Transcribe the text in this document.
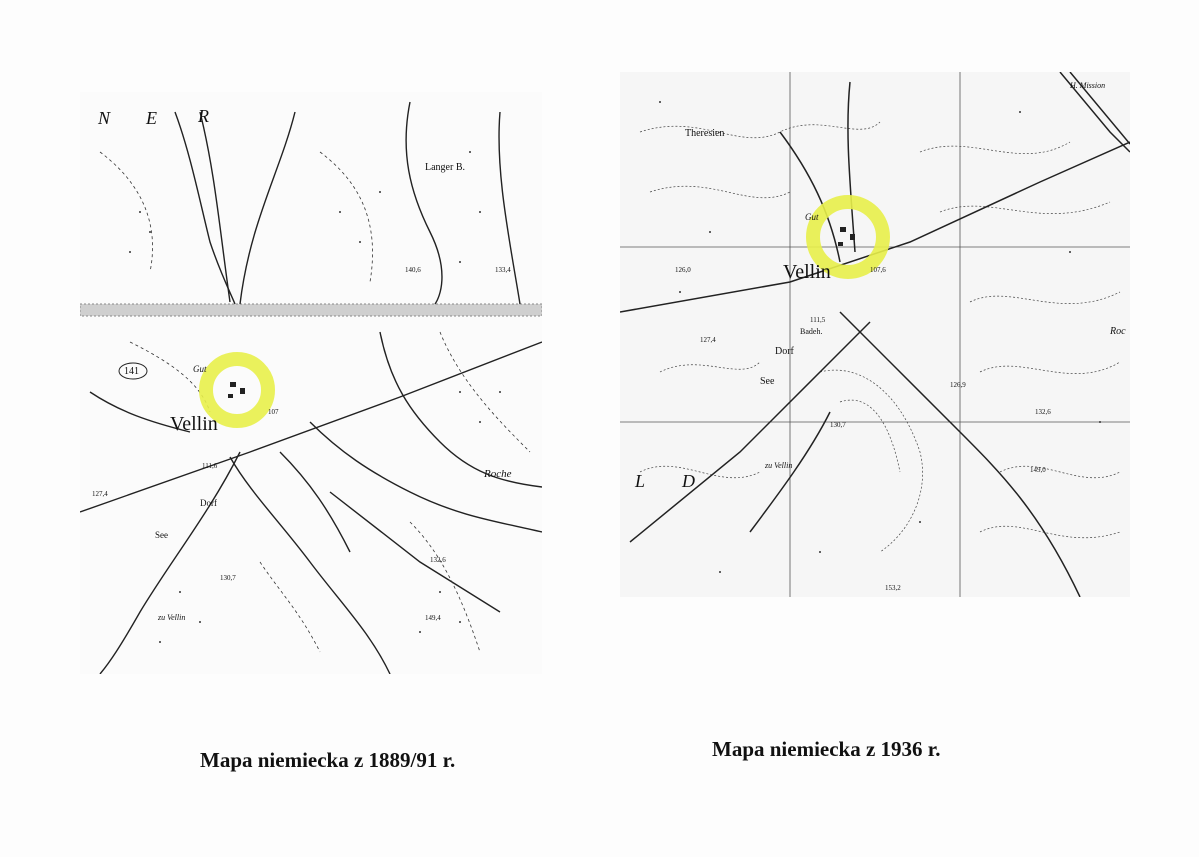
N E R
Langer B.
141	Gut
Vellin
Dorf
See
zu Vellin
Roche
111,6
107
130,7
149,4
132,6
127,4
133,4
140,6
Theresien
Gut
Vellin
Badeh.
Dorf
See
zu Vellin
L D
H. Mission
Roc
111,5
107,6
126,0
127,4
130,7
126,9
149,0
132,6
153,2
Mapa niemiecka z 1889/91 r.	Mapa niemiecka z 1936 r.
